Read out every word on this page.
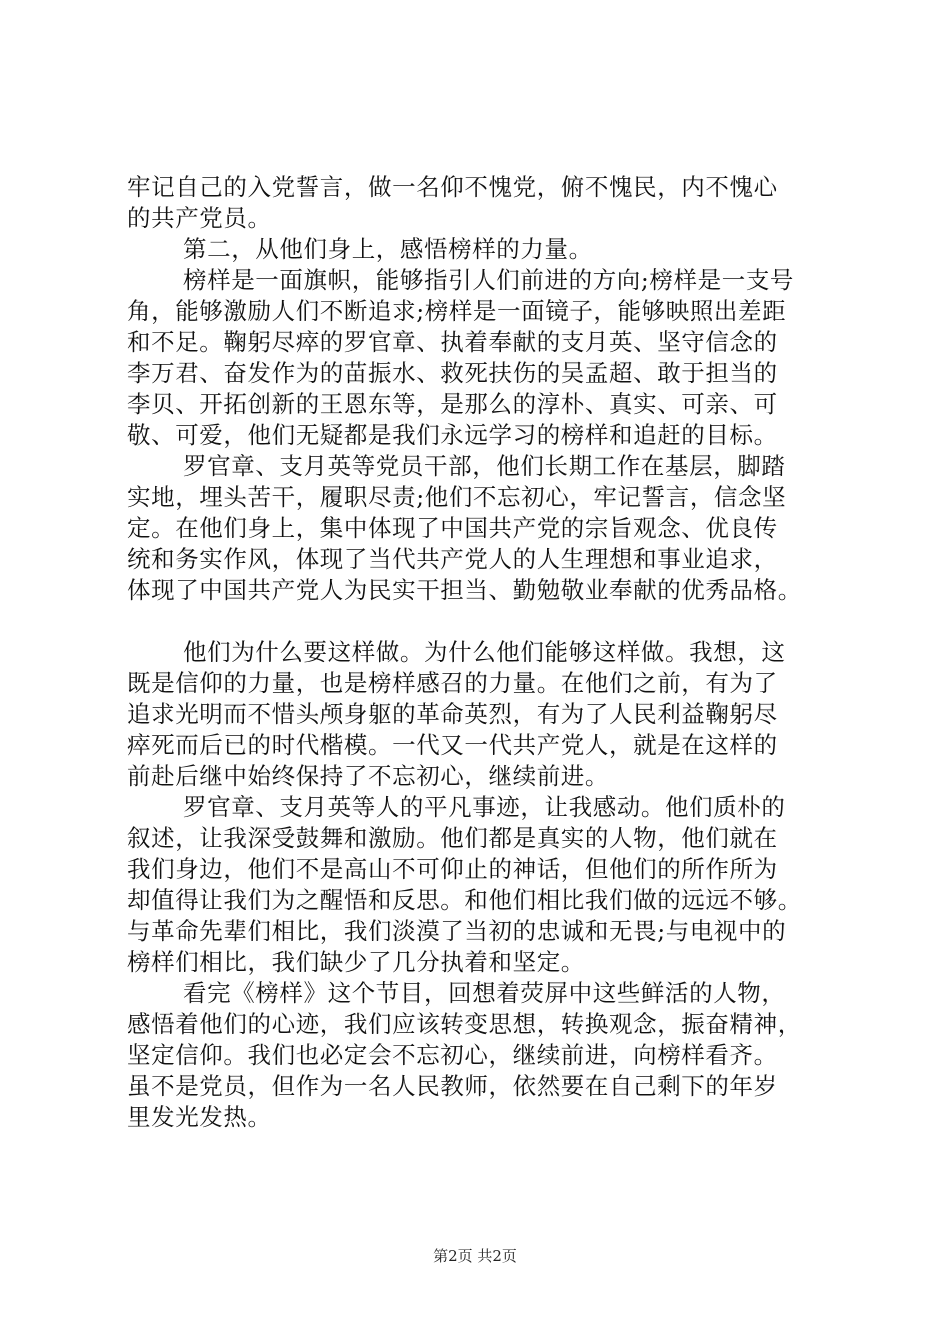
牢记自己的入党誓言，做一名仰不愧党，俯不愧民，内不愧心
的共产党员。
第二，从他们身上，感悟榜样的力量。
榜样是一面旗帜，能够指引人们前进的方向;榜样是一支号
角，能够激励人们不断追求;榜样是一面镜子，能够映照出差距
和不足。鞠躬尽瘁的罗官章、执着奉献的支月英、坚守信念的
李万君、奋发作为的苗振水、救死扶伤的吴孟超、敢于担当的
李贝、开拓创新的王恩东等，是那么的淳朴、真实、可亲、可
敬、可爱，他们无疑都是我们永远学习的榜样和追赶的目标。
罗官章、支月英等党员干部，他们长期工作在基层，脚踏
实地，埋头苦干，履职尽责;他们不忘初心，牢记誓言，信念坚
定。在他们身上，集中体现了中国共产党的宗旨观念、优良传
统和务实作风，体现了当代共产党人的人生理想和事业追求，
体现了中国共产党人为民实干担当、勤勉敬业奉献的优秀品格。
他们为什么要这样做。为什么他们能够这样做。我想，这
既是信仰的力量，也是榜样感召的力量。在他们之前，有为了
追求光明而不惜头颅身躯的革命英烈，有为了人民利益鞠躬尽
瘁死而后已的时代楷模。一代又一代共产党人，就是在这样的
前赴后继中始终保持了不忘初心，继续前进。
罗官章、支月英等人的平凡事迹，让我感动。他们质朴的
叙述，让我深受鼓舞和激励。他们都是真实的人物，他们就在
我们身边，他们不是高山不可仰止的神话，但他们的所作所为
却值得让我们为之醒悟和反思。和他们相比我们做的远远不够。
与革命先辈们相比，我们淡漠了当初的忠诚和无畏;与电视中的
榜样们相比，我们缺少了几分执着和坚定。
看完《榜样》这个节目，回想着荧屏中这些鲜活的人物，
感悟着他们的心迹，我们应该转变思想，转换观念，振奋精神，
坚定信仰。我们也必定会不忘初心，继续前进，向榜样看齐。
虽不是党员，但作为一名人民教师，依然要在自己剩下的年岁
里发光发热。
第2页 共2页
